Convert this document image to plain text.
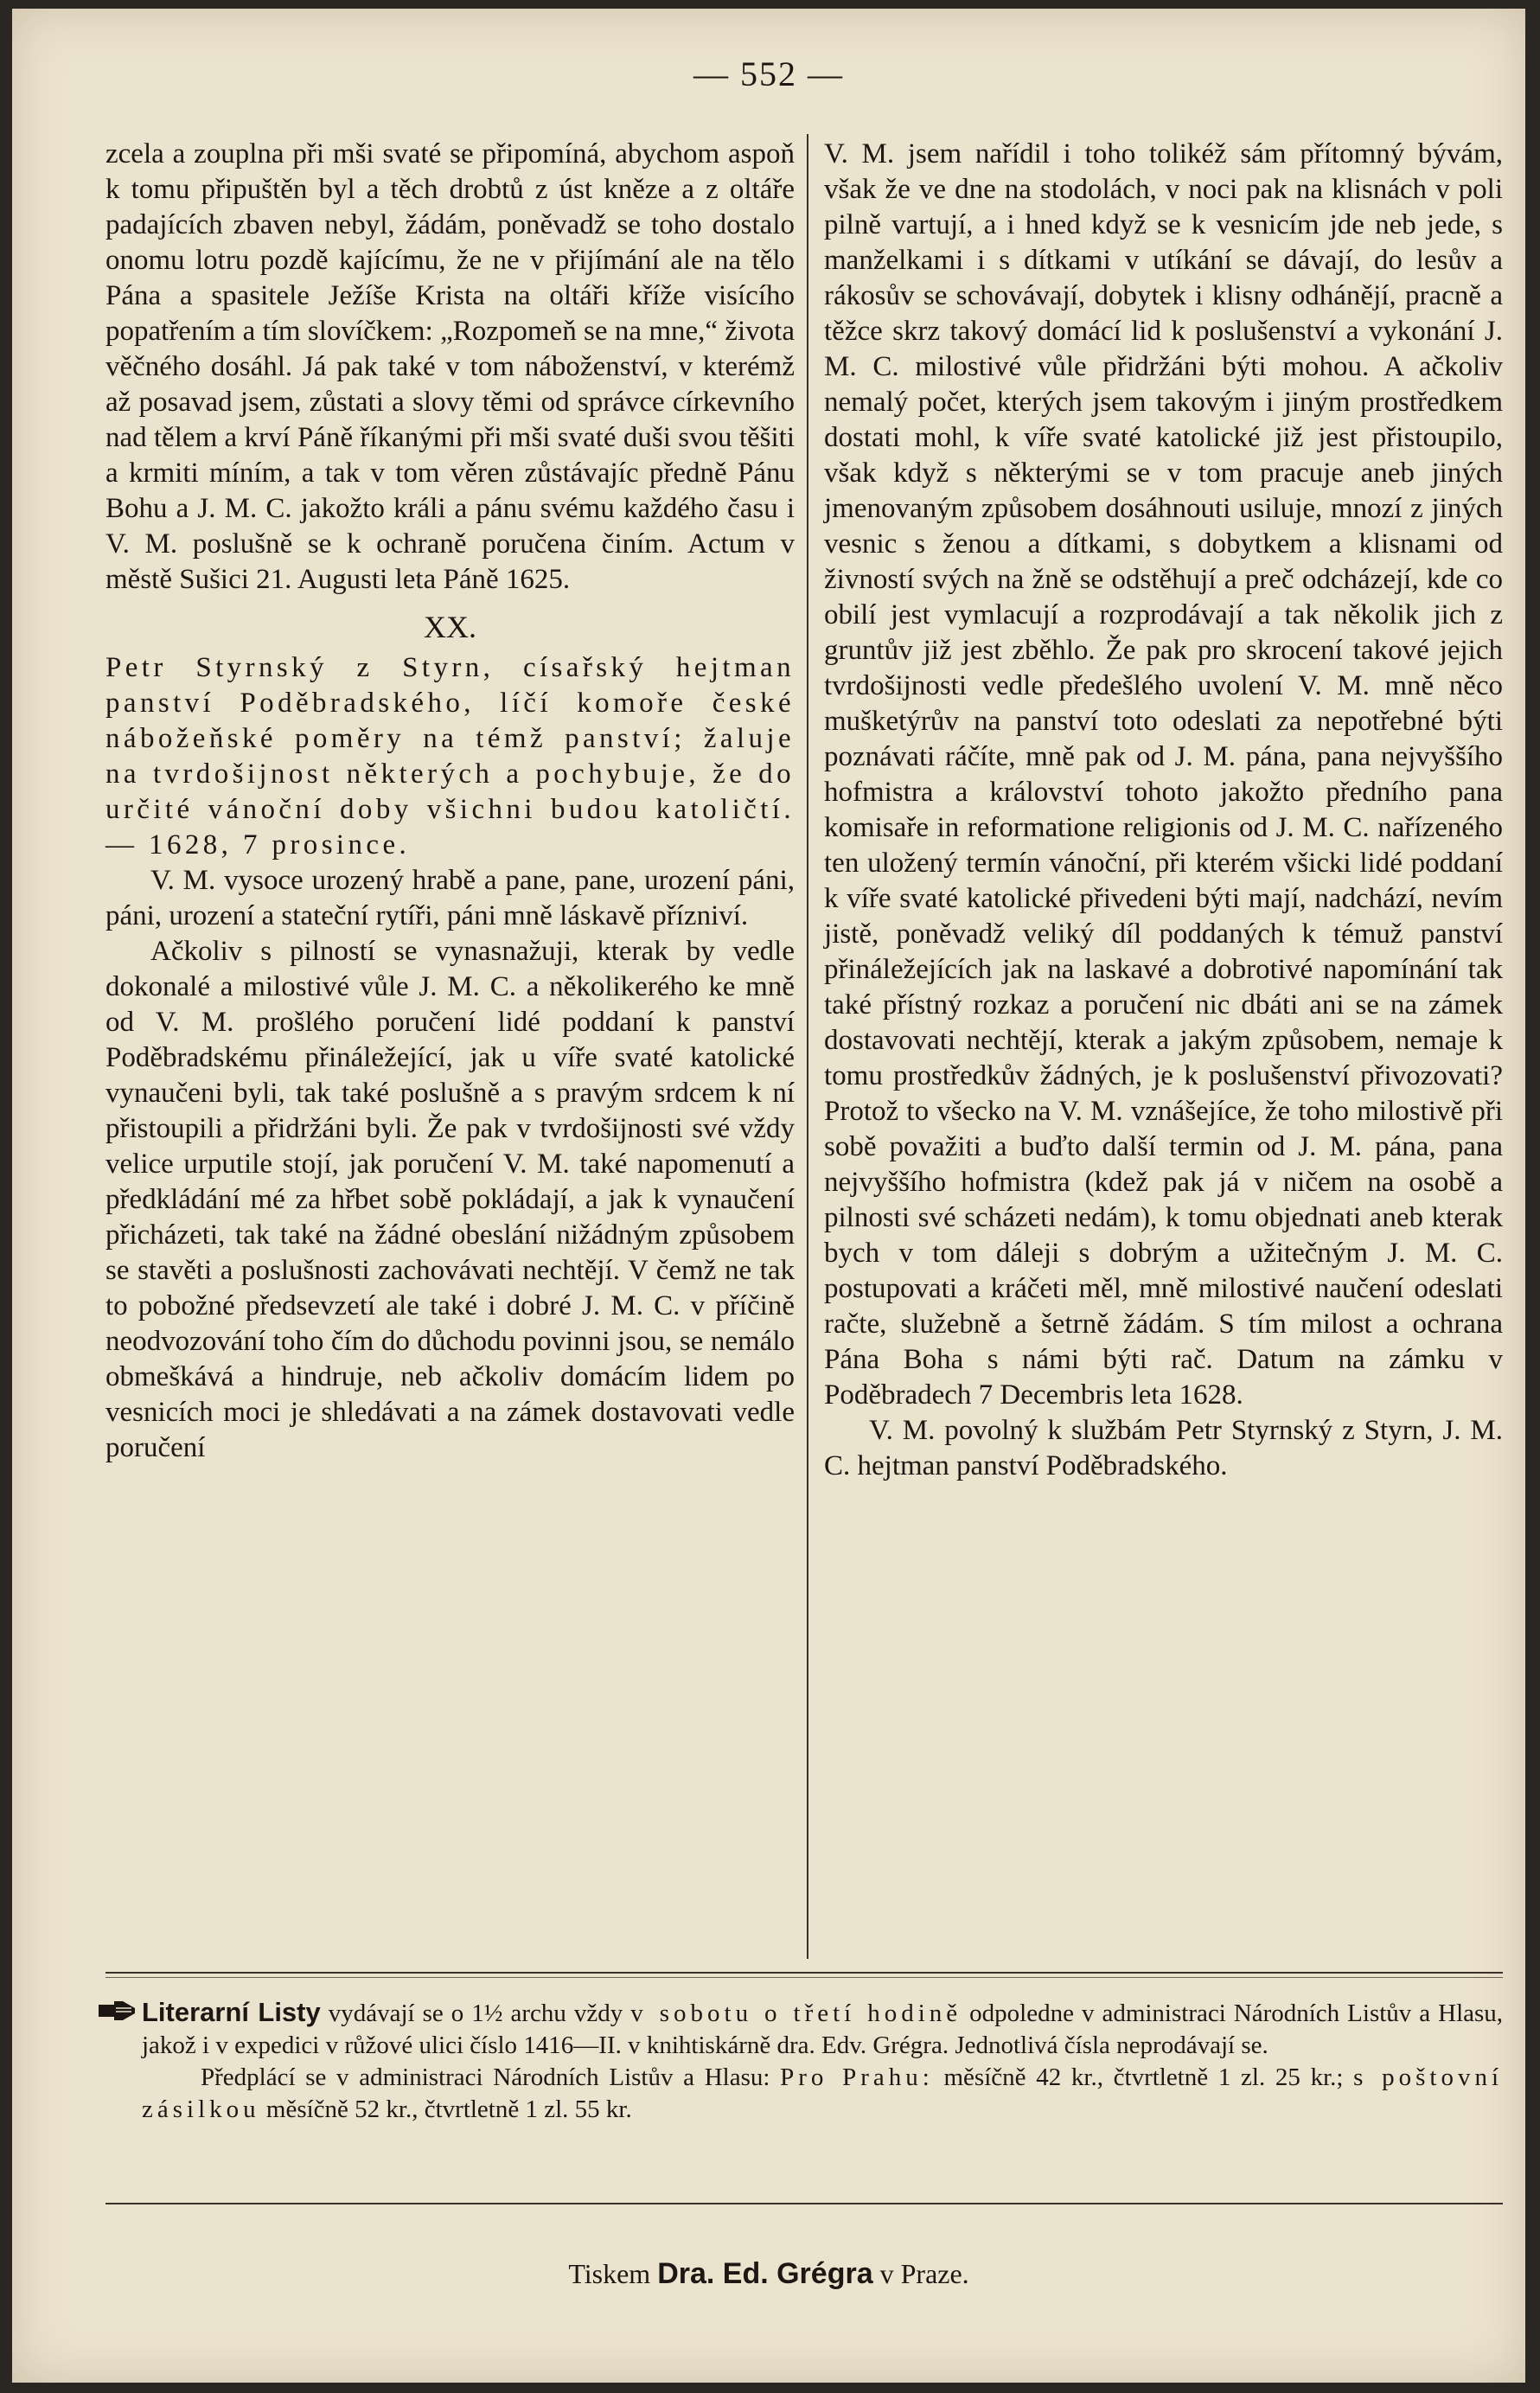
— 552 —

zcela a zouplna při mši svaté se připomíná, abychom aspoň k tomu připuštěn byl a těch drobtů z úst kněze a z oltáře padajících zbaven nebyl, žádám, poněvadž se toho dostalo onomu lotru pozdě kajícímu, že ne v přijímání ale na tělo Pána a spasitele Ježíše Krista na oltáři kříže visícího popatřením a tím slovíčkem: „Rozpomeň se na mne,“ života věčného dosáhl. Já pak také v tom náboženství, v kterémž až posavad jsem, zůstati a slovy těmi od správce církevního nad tělem a krví Páně říkanými při mši svaté duši svou těšiti a krmiti míním, a tak v tom věren zůstávajíc předně Pánu Bohu a J. M. C. jakožto králi a pánu svému každého času i V. M. poslušně se k ochraně poručena činím. Actum v městě Sušici 21. Augusti leta Páně 1625.

XX.

Petr Styrnský z Styrn, císařský hejtman panství Poděbradského, líčí komoře české nábožeňské poměry na témž panství; žaluje na tvrdošijnost některých a pochybuje, že do určité vánoční doby všichni budou katoličtí. — 1628, 7 prosince.

V. M. vysoce urozený hrabě a pane, pane, urození páni, páni, urození a stateční rytíři, páni mně láskavě přízniví.

Ačkoliv s pilností se vynasnažuji, kterak by vedle dokonalé a milostivé vůle J. M. C. a několikerého ke mně od V. M. prošlého poručení lidé poddaní k panství Poděbradskému přináležející, jak u víře svaté katolické vynaučeni byli, tak také poslušně a s pravým srdcem k ní přistoupili a přidržáni byli. Že pak v tvrdošijnosti své vždy velice urputile stojí, jak poručení V. M. také napomenutí a předkládání mé za hřbet sobě pokládají, a jak k vynaučení přicházeti, tak také na žádné obeslání nižádným způsobem se stavěti a poslušnosti zachovávati nechtějí. V čemž ne tak to pobožné předsevzetí ale také i dobré J. M. C. v příčině neodvozování toho čím do důchodu povinni jsou, se nemálo obmeškává a hindruje, neb ačkoliv domácím lidem po vesnicích moci je shledávati a na zámek dostavovati vedle poručení

V. M. jsem nařídil i toho tolikéž sám přítomný bývám, však že ve dne na stodolách, v noci pak na klisnách v poli pilně vartují, a i hned když se k vesnicím jde neb jede, s manželkami i s dítkami v utíkání se dávají, do lesův a rákosův se schovávají, dobytek i klisny odhánějí, pracně a těžce skrz takový domácí lid k poslušenství a vykonání J. M. C. milostivé vůle přidržáni býti mohou. A ačkoliv nemalý počet, kterých jsem takovým i jiným prostředkem dostati mohl, k víře svaté katolické již jest přistoupilo, však když s některými se v tom pracuje aneb jiných jmenovaným způsobem dosáhnouti usiluje, mnozí z jiných vesnic s ženou a dítkami, s dobytkem a klisnami od živností svých na žně se odstěhují a preč odcházejí, kde co obilí jest vymlacují a rozprodávají a tak několik jich z gruntův již jest zběhlo. Že pak pro skrocení takové jejich tvrdošijnosti vedle předešlého uvolení V. M. mně něco mušketýrův na panství toto odeslati za nepotřebné býti poznávati ráčíte, mně pak od J. M. pána, pana nejvyššího hofmistra a království tohoto jakožto předního pana komisaře in reformatione religionis od J. M. C. nařízeného ten uložený termín vánoční, při kterém všicki lidé poddaní k víře svaté katolické přivedeni býti mají, nadchází, nevím jistě, poněvadž veliký díl poddaných k témuž panství přináležejících jak na laskavé a dobrotivé napomínání tak také přístný rozkaz a poručení nic dbáti ani se na zámek dostavovati nechtějí, kterak a jakým způsobem, nemaje k tomu prostředkův žádných, je k poslušenství přivozovati? Protož to všecko na V. M. vznášejíce, že toho milostivě při sobě považiti a buďto další termin od J. M. pána, pana nejvyššího hofmistra (kdež pak já v ničem na osobě a pilnosti své scházeti nedám), k tomu objednati aneb kterak bych v tom dáleji s dobrým a užitečným J. M. C. postupovati a kráčeti měl, mně milostivé naučení odeslati račte, služebně a šetrně žádám. S tím milost a ochrana Pána Boha s námi býti rač. Datum na zámku v Poděbradech 7 Decembris leta 1628.

V. M. povolný k službám Petr Styrnský z Styrn, J. M. C. hejtman panství Poděbradského.

Literarní Listy vydávají se o 1½ archu vždy v sobotu o třetí hodině odpoledne v administraci Národních Listův a Hlasu, jakož i v expedici v růžové ulici číslo 1416—II. v knihtiskárně dra. Edv. Grégra. Jednotlivá čísla neprodávají se.

Předplácí se v administraci Národních Listův a Hlasu: Pro Prahu: měsíčně 42 kr., čtvrtletně 1 zl. 25 kr.; s poštovní zásilkou měsíčně 52 kr., čtvrtletně 1 zl. 55 kr.

Tiskem Dra. Ed. Grégra v Praze.
